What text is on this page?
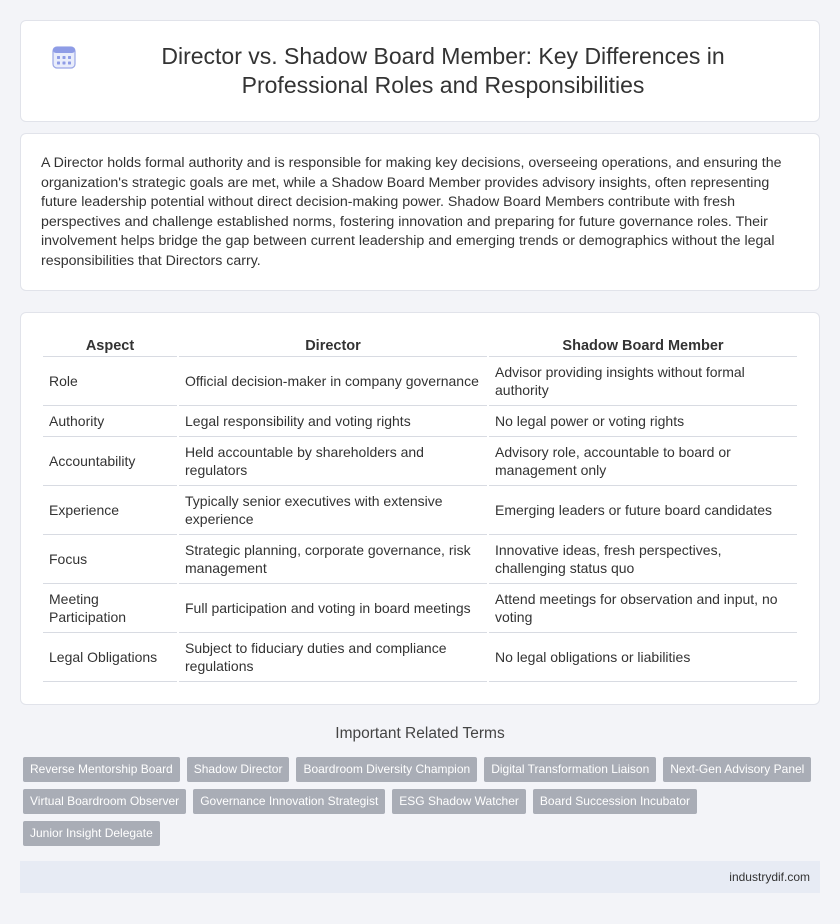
Director vs. Shadow Board Member: Key Differences in Professional Roles and Responsibilities

A Director holds formal authority and is responsible for making key decisions, overseeing operations, and ensuring the organization's strategic goals are met, while a Shadow Board Member provides advisory insights, often representing future leadership potential without direct decision-making power. Shadow Board Members contribute with fresh perspectives and challenge established norms, fostering innovation and preparing for future governance roles. Their involvement helps bridge the gap between current leadership and emerging trends or demographics without the legal responsibilities that Directors carry.

Aspect	Director	Shadow Board Member
Role	Official decision-maker in company governance	Advisor providing insights without formal authority
Authority	Legal responsibility and voting rights	No legal power or voting rights
Accountability	Held accountable by shareholders and regulators	Advisory role, accountable to board or management only
Experience	Typically senior executives with extensive experience	Emerging leaders or future board candidates
Focus	Strategic planning, corporate governance, risk management	Innovative ideas, fresh perspectives, challenging status quo
Meeting Participation	Full participation and voting in board meetings	Attend meetings for observation and input, no voting
Legal Obligations	Subject to fiduciary duties and compliance regulations	No legal obligations or liabilities
Important Related Terms
Reverse Mentorship Board	Shadow Director	Boardroom Diversity Champion	Digital Transformation Liaison	Next-Gen Advisory Panel
Virtual Boardroom Observer	Governance Innovation Strategist	ESG Shadow Watcher	Board Succession Incubator
Junior Insight Delegate
industrydif.com
